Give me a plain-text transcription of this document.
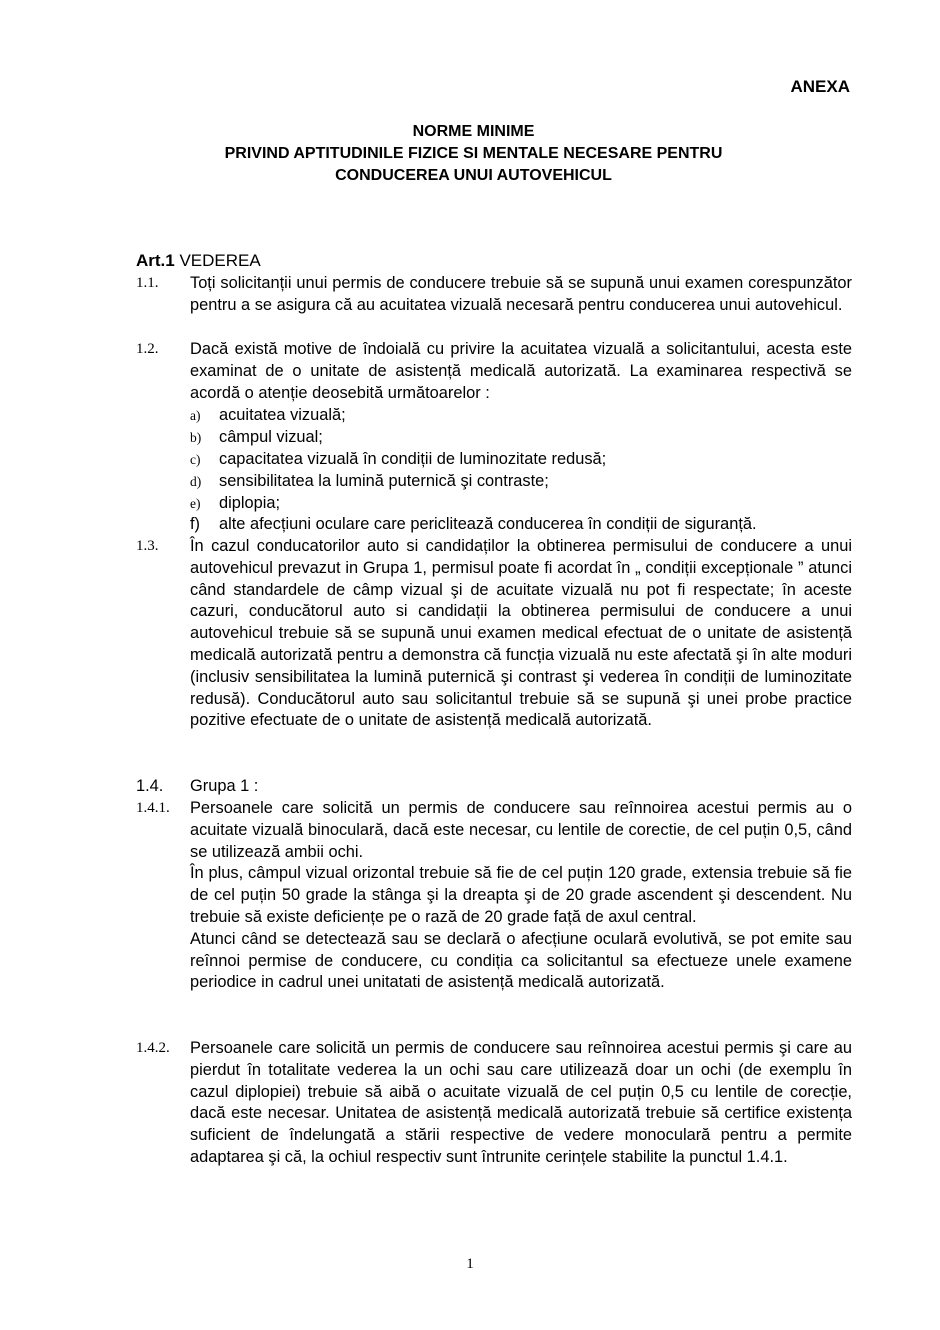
ANEXA
NORME MINIME
PRIVIND APTITUDINILE FIZICE SI MENTALE NECESARE PENTRU
CONDUCEREA UNUI AUTOVEHICUL
Art.1 VEDEREA
1.1. Toți solicitanții unui permis de conducere trebuie să se supună unui examen corespunzător pentru a se asigura că au acuitatea vizuală necesară pentru conducerea unui autovehicul.
1.2. Dacă există motive de îndoială cu privire la acuitatea vizuală a solicitantului, acesta este examinat de o unitate de asistență medicală autorizată. La examinarea respectivă se acordă o atenție deosebită următoarelor :
a) acuitatea vizuală;
b) câmpul vizual;
c) capacitatea vizuală în condiții de luminozitate redusă;
d) sensibilitatea la lumină puternică şi contraste;
e) diplopia;
f) alte afecțiuni oculare care periclitează conducerea în condiții de siguranță.
1.3. În cazul conducatorilor auto si candidaților la obtinerea permisului de conducere a unui autovehicul prevazut in Grupa 1, permisul poate fi acordat în „ condiții excepționale ” atunci când standardele de câmp vizual şi de acuitate vizuală nu pot fi respectate; în aceste cazuri, conducătorul auto si candidații la obtinerea permisului de conducere a unui autovehicul trebuie să se supună unui examen medical efectuat de o unitate de asistență medicală autorizată pentru a demonstra că funcția vizuală nu este afectată şi în alte moduri (inclusiv sensibilitatea la lumină puternică şi contrast şi vederea în condiții de luminozitate redusă). Conducătorul auto sau solicitantul trebuie să se supună şi unei probe practice pozitive efectuate de o unitate de asistență medicală autorizată.
1.4. Grupa 1 :
1.4.1. Persoanele care solicită un permis de conducere sau reînnoirea acestui permis au o acuitate vizuală binoculară, dacă este necesar, cu lentile de corectie, de cel puțin 0,5, când se utilizează ambii ochi.

În plus, câmpul vizual orizontal trebuie să fie de cel puțin 120 grade, extensia trebuie să fie de cel puțin 50 grade la stânga şi la dreapta şi de 20 grade ascendent şi descendent. Nu trebuie să existe deficiențe pe o rază de 20 grade față de axul central.

Atunci când se detectează sau se declară o afecțiune oculară evolutivă, se pot emite sau reînnoi permise de conducere, cu condiția ca solicitantul sa efectueze unele examene periodice in cadrul unei unitatati de asistență medicală autorizată.

1.4.2. Persoanele care solicită un permis de conducere sau reînnoirea acestui permis şi care au pierdut în totalitate vederea la un ochi sau care utilizează doar un ochi (de exemplu în cazul diplopiei) trebuie să aibă o acuitate vizuală de cel puțin 0,5 cu lentile de corecție, dacă este necesar. Unitatea de asistență medicală autorizată trebuie să certifice existența suficient de îndelungată a stării respective de vedere monoculară pentru a permite adaptarea şi că, la ochiul respectiv sunt întrunite cerințele stabilite la punctul 1.4.1.
1
